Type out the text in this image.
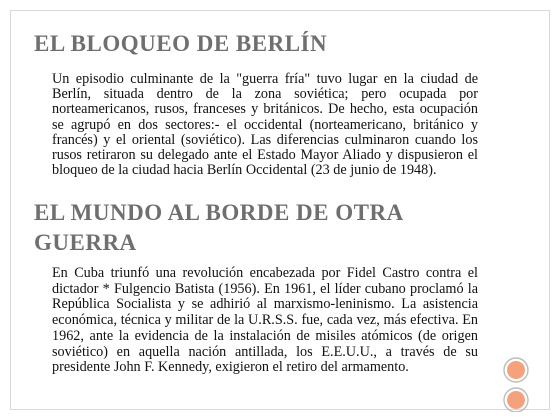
EL BLOQUEO DE BERLÍN

Un episodio culminante de la "guerra fría" tuvo lugar en la ciudad de Berlín, situada dentro de la zona soviética; pero ocupada por norteamericanos, rusos, franceses y británicos. De hecho, esta ocupación se agrupó en dos sectores:- el occidental (norteamericano, británico y francés) y el oriental (soviético). Las diferencias culminaron cuando los rusos retiraron su delegado ante el Estado Mayor Aliado y dispusieron el bloqueo de la ciudad hacia Berlín Occidental (23 de junio de 1948).

EL MUNDO AL BORDE DE OTRA GUERRA

En Cuba triunfó una revolución encabezada por Fidel Castro contra el dictador * Fulgencio Batista (1956). En 1961, el líder cubano proclamó la República Socialista y se adhirió al marxismo-leninismo. La asistencia económica, técnica y militar de la U.R.S.S. fue, cada vez, más efectiva. En 1962, ante la evidencia de la instalación de misiles atómicos (de origen soviético) en aquella nación antillada, los E.E.U.U., a través de su presidente John F. Kennedy, exigieron el retiro del armamento.
